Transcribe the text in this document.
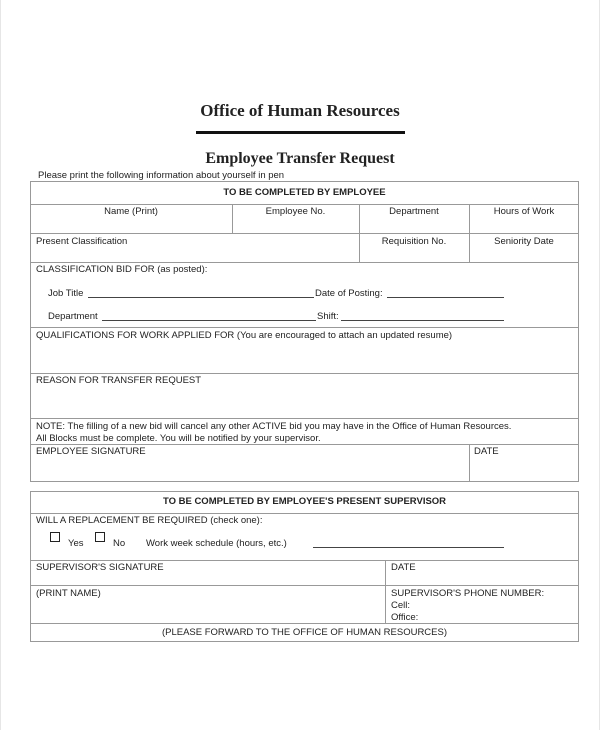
Office of Human Resources
Employee Transfer Request
Please print the following information about yourself in pen
TO BE COMPLETED BY EMPLOYEE
Name (Print)	Employee No.	Department	Hours of Work
Present Classification	Requisition No.	Seniority Date
CLASSIFICATION BID FOR (as posted):
Job Title	Date of Posting:
Department	Shift:
QUALIFICATIONS FOR WORK APPLIED FOR (You are encouraged to attach an updated resume)
REASON FOR TRANSFER REQUEST
NOTE: The filling of a new bid will cancel any other ACTIVE bid you may have in the Office of Human Resources.
All Blocks must be complete. You will be notified by your supervisor.
EMPLOYEE SIGNATURE	DATE
TO BE COMPLETED BY EMPLOYEE'S PRESENT SUPERVISOR
WILL A REPLACEMENT BE REQUIRED (check one):
Yes	No Work week schedule (hours, etc.)
SUPERVISOR'S SIGNATURE	DATE
(PRINT NAME)	SUPERVISOR'S PHONE NUMBER:
Cell:
Office:
(PLEASE FORWARD TO THE OFFICE OF HUMAN RESOURCES)
